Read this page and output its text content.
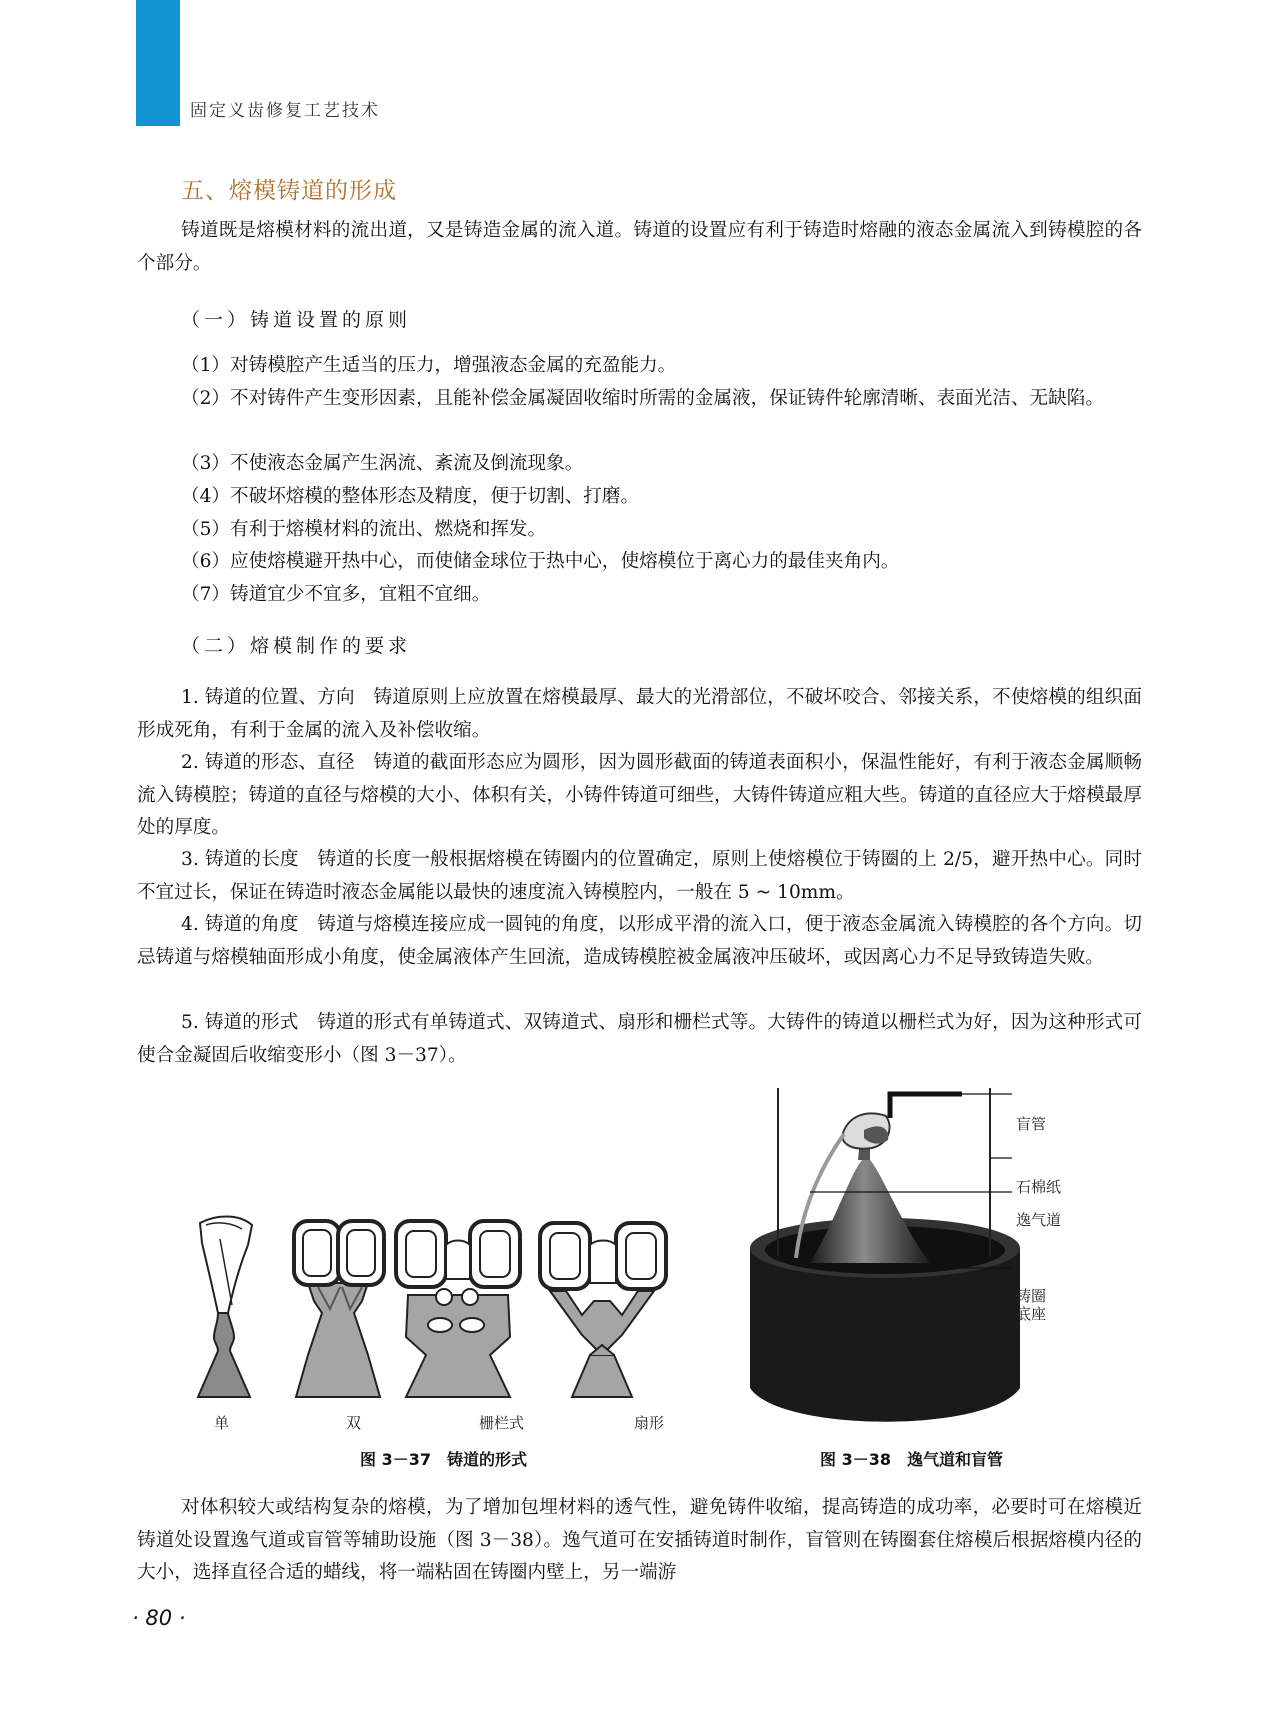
固定义齿修复工艺技术
五、熔模铸道的形成
铸道既是熔模材料的流出道，又是铸造金属的流入道。铸道的设置应有利于铸造时熔融的液态金属流入到铸模腔的各个部分。
（一）铸道设置的原则
（1）对铸模腔产生适当的压力，增强液态金属的充盈能力。
（2）不对铸件产生变形因素，且能补偿金属凝固收缩时所需的金属液，保证铸件轮廓清晰、表面光洁、无缺陷。
（3）不使液态金属产生涡流、紊流及倒流现象。
（4）不破坏熔模的整体形态及精度，便于切割、打磨。
（5）有利于熔模材料的流出、燃烧和挥发。
（6）应使熔模避开热中心，而使储金球位于热中心，使熔模位于离心力的最佳夹角内。
（7）铸道宜少不宜多，宜粗不宜细。
（二）熔模制作的要求
1. 铸道的位置、方向　 铸道原则上应放置在熔模最厚、最大的光滑部位，不破坏咬合、邻接关系，不使熔模的组织面形成死角，有利于金属的流入及补偿收缩。
2. 铸道的形态、直径　 铸道的截面形态应为圆形，因为圆形截面的铸道表面积小，保温性能好，有利于液态金属顺畅流入铸模腔；铸道的直径与熔模的大小、体积有关，小铸件铸道可细些，大铸件铸道应粗大些。铸道的直径应大于熔模最厚处的厚度。
3. 铸道的长度　 铸道的长度一般根据熔模在铸圈内的位置确定，原则上使熔模位于铸圈的上 2/5，避开热中心。同时不宜过长，保证在铸造时液态金属能以最快的速度流入铸模腔内，一般在 5 ~ 10mm。
4. 铸道的角度　 铸道与熔模连接应成一圆钝的角度，以形成平滑的流入口，便于液态金属流入铸模腔的各个方向。切忌铸道与熔模轴面形成小角度，使金属液体产生回流，造成铸模腔被金属液冲压破坏，或因离心力不足导致铸造失败。
5. 铸道的形式　 铸道的形式有单铸道式、双铸道式、扇形和栅栏式等。大铸件的铸道以栅栏式为好，因为这种形式可使合金凝固后收缩变形小（图 3－37）。
单	双	栅栏式	扇形
图 3－37　铸道的形式
盲管
石棉纸
逸气道
铸圈
底座
图 3－38　逸气道和盲管
对体积较大或结构复杂的熔模，为了增加包埋材料的透气性，避免铸件收缩，提高铸造的成功率，必要时可在熔模近铸道处设置逸气道或盲管等辅助设施（图 3－38）。逸气道可在安插铸道时制作，盲管则在铸圈套住熔模后根据熔模内径的大小，选择直径合适的蜡线，将一端粘固在铸圈内壁上，另一端游
· 80 ·
